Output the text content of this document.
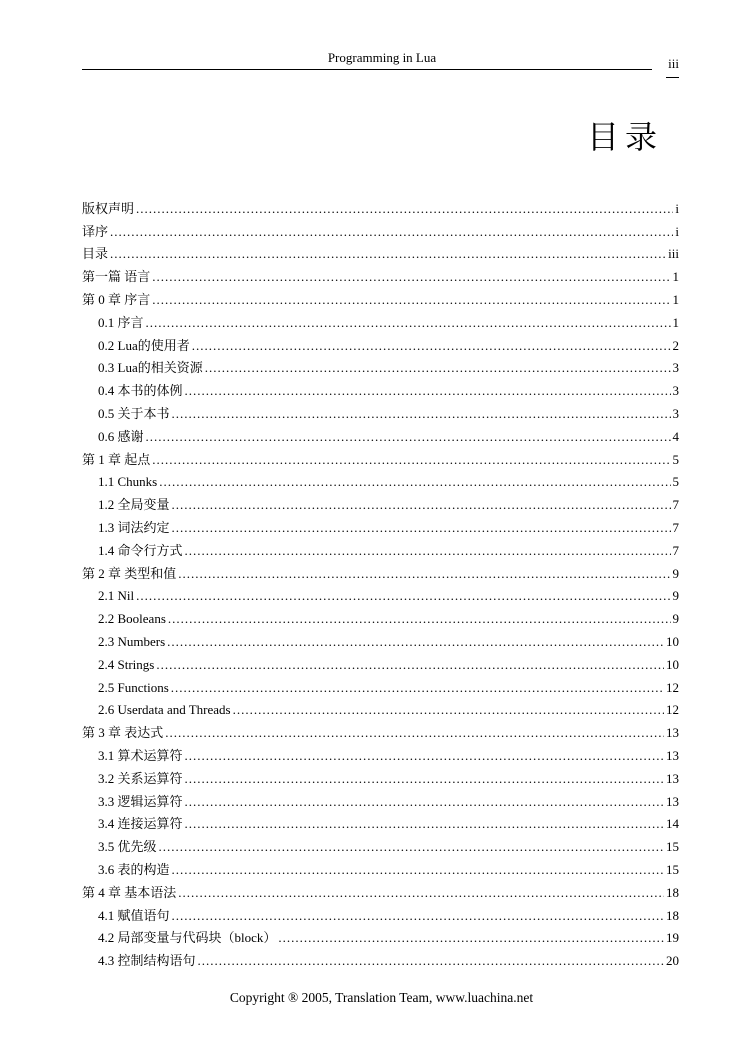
Programming in Lua	iii
目录
版权声明 .....	i
译序 .....	i
目录 .....	iii
第一篇 语言 .....	1
第 0 章 序言 .....	1
0.1 序言 .....	1
0.2 Lua的使用者 .....	2
0.3 Lua的相关资源 .....	3
0.4 本书的体例 .....	3
0.5 关于本书 .....	3
0.6 感谢 .....	4
第 1 章 起点 .....	5
1.1 Chunks .....	5
1.2 全局变量 .....	7
1.3 词法约定 .....	7
1.4 命令行方式 .....	7
第 2 章 类型和值 .....	9
2.1 Nil .....	9
2.2 Booleans .....	9
2.3 Numbers .....	10
2.4 Strings .....	10
2.5 Functions .....	12
2.6 Userdata and Threads .....	12
第 3 章 表达式 .....	13
3.1 算术运算符 .....	13
3.2 关系运算符 .....	13
3.3 逻辑运算符 .....	13
3.4 连接运算符 .....	14
3.5 优先级 .....	15
3.6 表的构造 .....	15
第 4 章 基本语法 .....	18
4.1 赋值语句 .....	18
4.2 局部变量与代码块（block） .....	19
4.3 控制结构语句 .....	20
Copyright ® 2005, Translation Team, www.luachina.net
